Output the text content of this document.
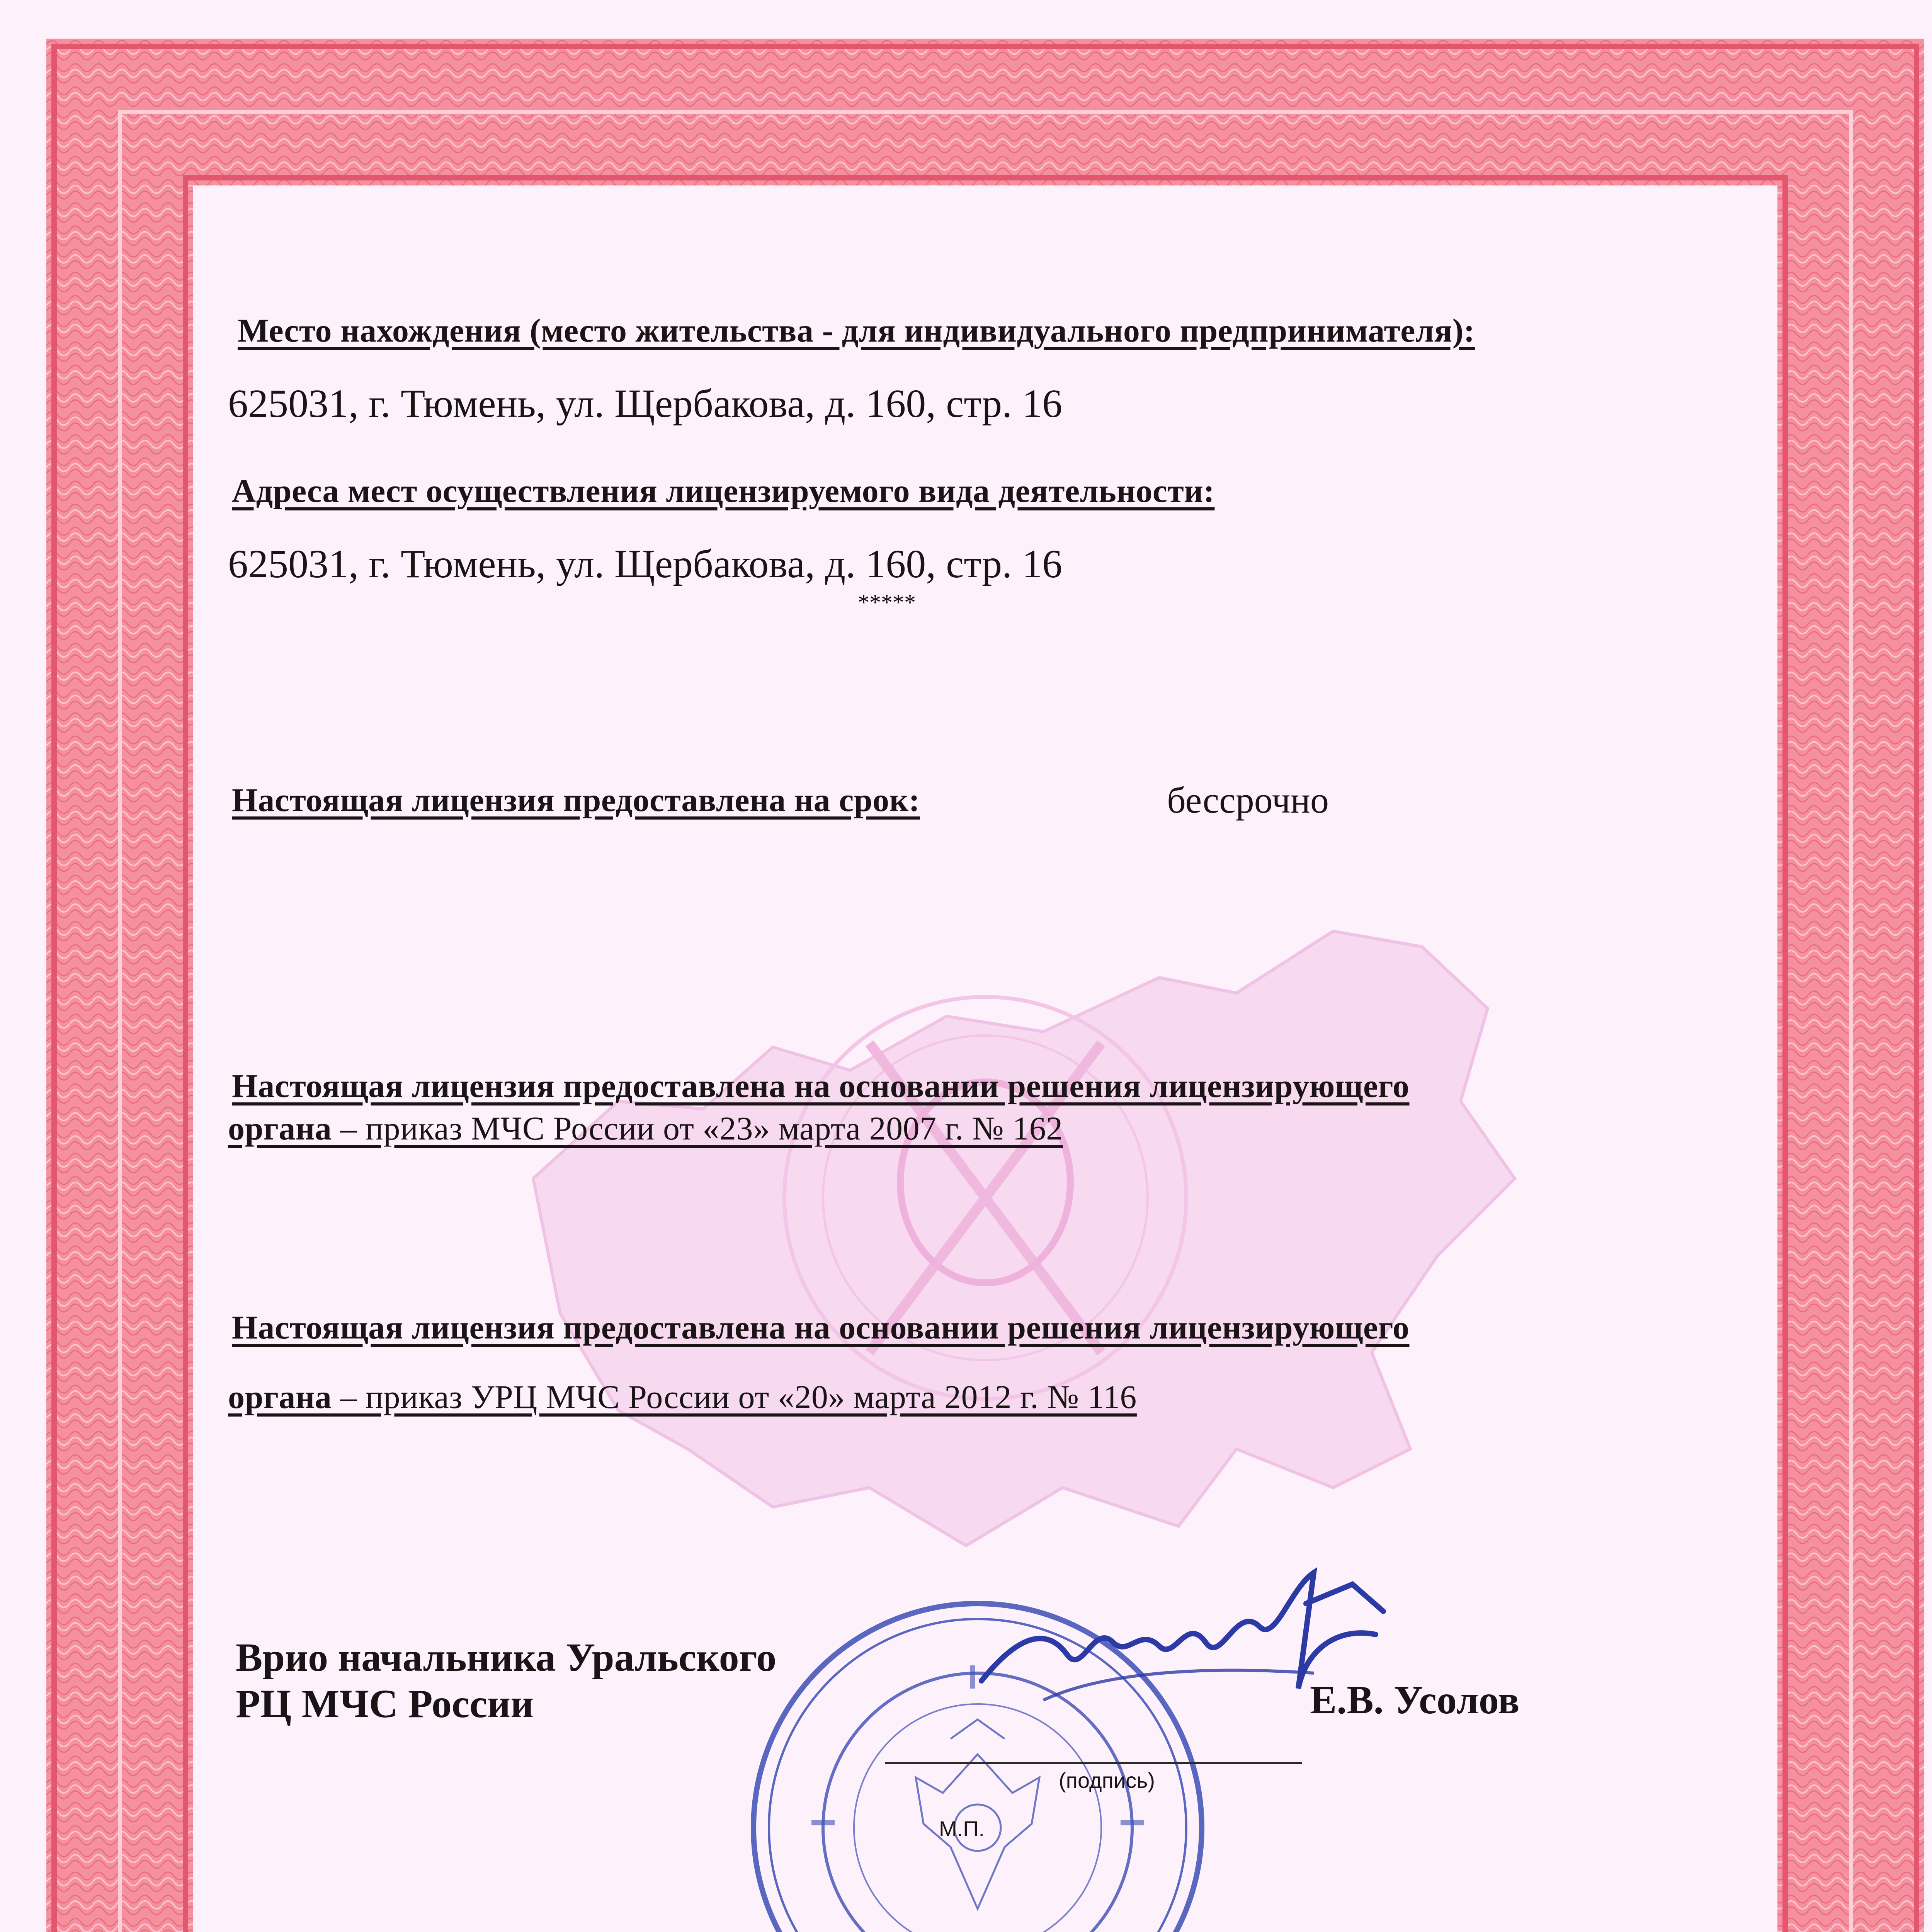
Место нахождения (место жительства - для индивидуального предпринимателя):
625031, г. Тюмень, ул. Щербакова, д. 160, стр. 16
Адреса мест осуществления лицензируемого вида деятельности:
625031, г. Тюмень, ул. Щербакова, д. 160, стр. 16
*****
Настоящая лицензия предоставлена на срок:	бессрочно
Настоящая лицензия предоставлена на основании решения лицензирующего
органа – приказ МЧС России от «23» марта 2007 г. № 162
Настоящая лицензия предоставлена на основании решения лицензирующего
органа – приказ УРЦ МЧС России от «20» марта 2012 г. № 116
Врио начальника Уральского
РЦ МЧС России	Е.В. Усолов
(подпись)
М.П.
